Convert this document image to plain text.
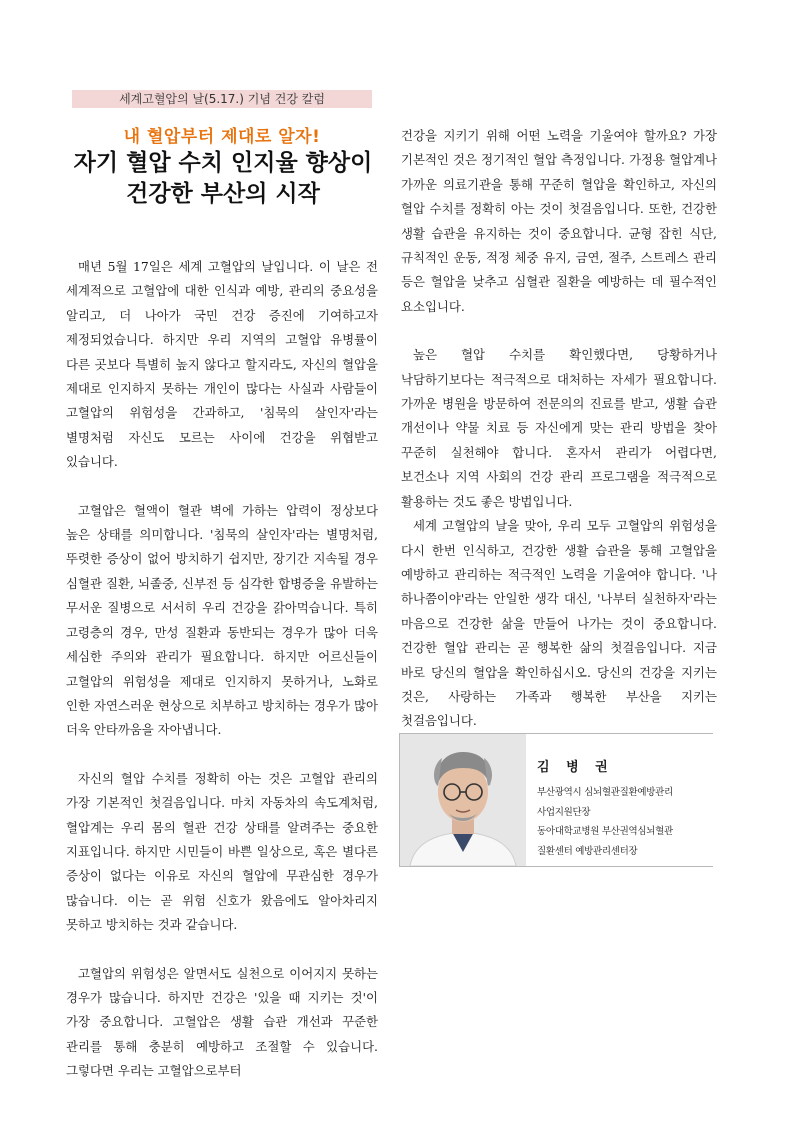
세계고혈압의 날(5.17.) 기념 건강 칼럼
내 혈압부터 제대로 알자!
자기 혈압 수치 인지율 향상이
건강한 부산의 시작

매년 5월 17일은 세계 고혈압의 날입니다. 이 날은 전 세계적으로 고혈압에 대한 인식과 예방, 관리의 중요성을 알리고, 더 나아가 국민 건강 증진에 기여하고자 제정되었습니다. 하지만 우리 지역의 고혈압 유병률이 다른 곳보다 특별히 높지 않다고 할지라도, 자신의 혈압을 제대로 인지하지 못하는 개인이 많다는 사실과 사람들이 고혈압의 위험성을 간과하고, '침묵의 살인자'라는 별명처럼 자신도 모르는 사이에 건강을 위협받고 있습니다.

고혈압은 혈액이 혈관 벽에 가하는 압력이 정상보다 높은 상태를 의미합니다. '침묵의 살인자'라는 별명처럼, 뚜렷한 증상이 없어 방치하기 쉽지만, 장기간 지속될 경우 심혈관 질환, 뇌졸중, 신부전 등 심각한 합병증을 유발하는 무서운 질병으로 서서히 우리 건강을 갉아먹습니다. 특히 고령층의 경우, 만성 질환과 동반되는 경우가 많아 더욱 세심한 주의와 관리가 필요합니다. 하지만 어르신들이 고혈압의 위험성을 제대로 인지하지 못하거나, 노화로 인한 자연스러운 현상으로 치부하고 방치하는 경우가 많아 더욱 안타까움을 자아냅니다.

자신의 혈압 수치를 정확히 아는 것은 고혈압 관리의 가장 기본적인 첫걸음입니다. 마치 자동차의 속도계처럼, 혈압계는 우리 몸의 혈관 건강 상태를 알려주는 중요한 지표입니다. 하지만 시민들이 바쁜 일상으로, 혹은 별다른 증상이 없다는 이유로 자신의 혈압에 무관심한 경우가 많습니다. 이는 곧 위험 신호가 왔음에도 알아차리지 못하고 방치하는 것과 같습니다.

고혈압의 위험성은 알면서도 실천으로 이어지지 못하는 경우가 많습니다. 하지만 건강은 '있을 때 지키는 것'이 가장 중요합니다. 고혈압은 생활 습관 개선과 꾸준한 관리를 통해 충분히 예방하고 조절할 수 있습니다. 그렇다면 우리는 고혈압으로부터

건강을 지키기 위해 어떤 노력을 기울여야 할까요? 가장 기본적인 것은 정기적인 혈압 측정입니다. 가정용 혈압계나 가까운 의료기관을 통해 꾸준히 혈압을 확인하고, 자신의 혈압 수치를 정확히 아는 것이 첫걸음입니다. 또한, 건강한 생활 습관을 유지하는 것이 중요합니다. 균형 잡힌 식단, 규칙적인 운동, 적정 체중 유지, 금연, 절주, 스트레스 관리 등은 혈압을 낮추고 심혈관 질환을 예방하는 데 필수적인 요소입니다.

높은 혈압 수치를 확인했다면, 당황하거나 낙담하기보다는 적극적으로 대처하는 자세가 필요합니다. 가까운 병원을 방문하여 전문의의 진료를 받고, 생활 습관 개선이나 약물 치료 등 자신에게 맞는 관리 방법을 찾아 꾸준히 실천해야 합니다. 혼자서 관리가 어렵다면, 보건소나 지역 사회의 건강 관리 프로그램을 적극적으로 활용하는 것도 좋은 방법입니다.

세계 고혈압의 날을 맞아, 우리 모두 고혈압의 위험성을 다시 한번 인식하고, 건강한 생활 습관을 통해 고혈압을 예방하고 관리하는 적극적인 노력을 기울여야 합니다. '나 하나쯤이야'라는 안일한 생각 대신, '나부터 실천하자'라는 마음으로 건강한 삶을 만들어 나가는 것이 중요합니다. 건강한 혈압 관리는 곧 행복한 삶의 첫걸음입니다. 지금 바로 당신의 혈압을 확인하십시오. 당신의 건강을 지키는 것은, 사랑하는 가족과 행복한 부산을 지키는 첫걸음입니다.

김 병 권
부산광역시 심뇌혈관질환예방관리
사업지원단장
동아대학교병원 부산권역심뇌혈관
질환센터 예방관리센터장
